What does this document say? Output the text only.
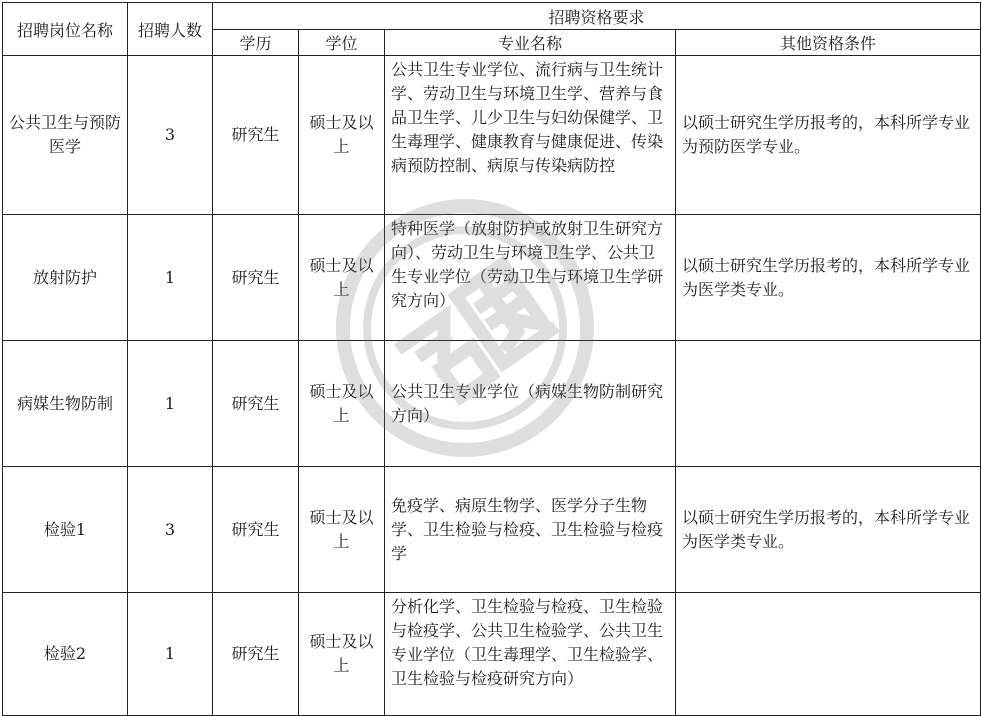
招聘岗位名称	招聘人数	招聘资格要求			
		学历	学位	专业名称	其他资格条件
公共卫生与预防医学	3	研究生	硕士及以上	公共卫生专业学位、流行病与卫生统计学、劳动卫生与环境卫生学、营养与食品卫生学、儿少卫生与妇幼保健学、卫生毒理学、健康教育与健康促进、传染病预防控制、病原与传染病防控	以硕士研究生学历报考的，本科所学专业为预防医学专业。
放射防护	1	研究生	硕士及以上	特种医学（放射防护或放射卫生研究方向）、劳动卫生与环境卫生学、公共卫生专业学位（劳动卫生与环境卫生学研究方向）	以硕士研究生学历报考的，本科所学专业为医学类专业。
病媒生物防制	1	研究生	硕士及以上	公共卫生专业学位（病媒生物防制研究方向）	
检验1	3	研究生	硕士及以上	免疫学、病原生物学、医学分子生物学、卫生检验与检疫、卫生检验与检疫学	以硕士研究生学历报考的，本科所学专业为医学类专业。
检验2	1	研究生	硕士及以上	分析化学、卫生检验与检疫、卫生检验与检疫学、公共卫生检验学、公共卫生专业学位（卫生毒理学、卫生检验学、卫生检验与检疫研究方向）	
